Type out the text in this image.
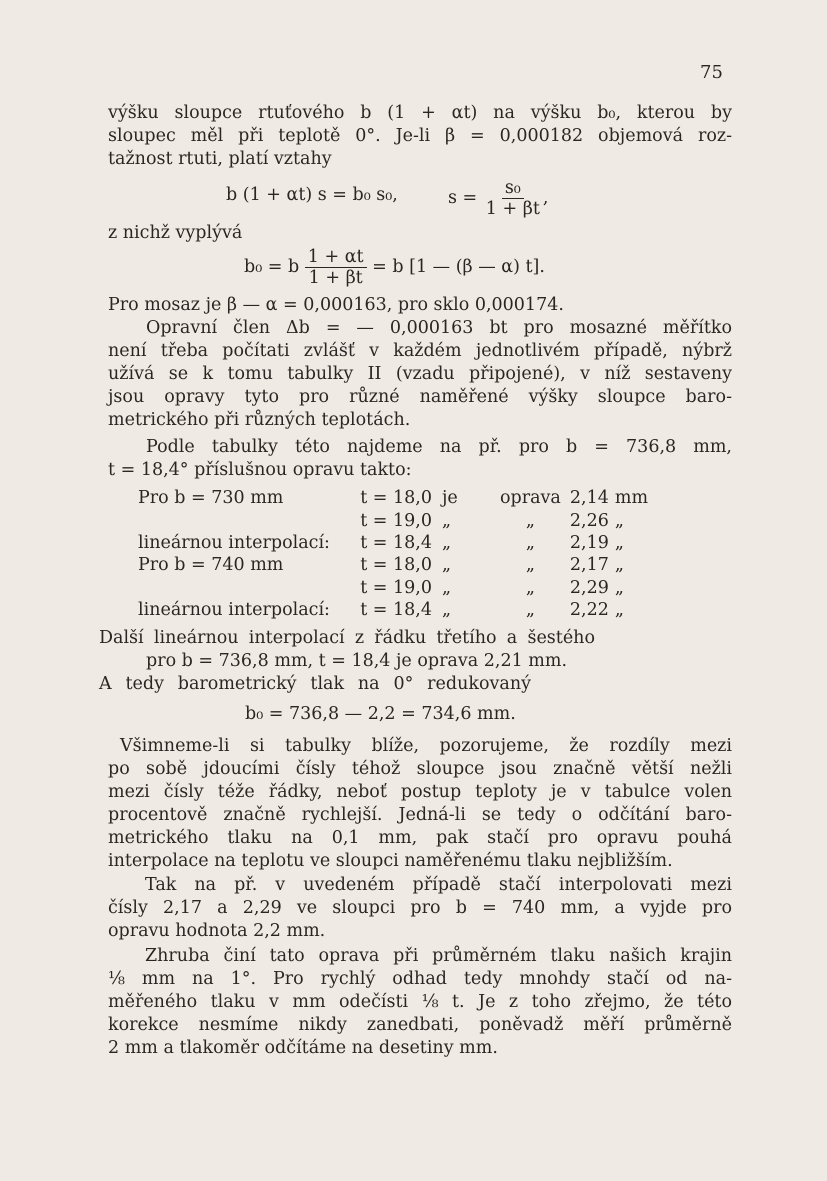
75
výšku sloupce rtuťového b (1 + αt) na výšku b₀, kterou by
sloupec měl při teplotě 0°. Je-li β = 0,000182 objemová roz-
tažnost rtuti, platí vztahy
b (1 + αt) s = b₀ s₀,	$s = \frac{\text{s₀}}{1 + \beta t}$ ,
z nichž vyplývá
b₀ = b $\frac{1 + \alpha t}{1 + \beta t} = b$ [1 — (β — α) t].
Pro mosaz je β — α = 0,000163, pro sklo 0,000174.
Opravní člen Δb = — 0,000163 bt pro mosazné měřítko
není třeba počítati zvlášť v každém jednotlivém případě, nýbrž
užívá se k tomu tabulky II (vzadu připojené), v níž sestaveny
jsou opravy tyto pro různé naměřené výšky sloupce baro-
metrického při různých teplotách.
Podle tabulky této najdeme na př. pro b = 736,8 mm,
t = 18,4° příslušnou opravu takto:
Pro b = 730 mm	t = 18,0	je	oprava	2,14	mm
	t = 19,0	„	„	2,26	„
lineárnou interpolací:	t = 18,4	„	„	2,19	„
Pro b = 740 mm	t = 18,0	„	„	2,17	„
	t = 19,0	„	„	2,29	„
lineárnou interpolací:	t = 18,4	„	„	2,22	„
Další lineárnou interpolací z řádku třetího a šestého
pro b = 736,8 mm, t = 18,4 je oprava 2,21 mm.
A tedy barometrický tlak na 0° redukovaný
b₀ = 736,8 — 2,2 = 734,6 mm.
Všimneme-li si tabulky blíže, pozorujeme, že rozdíly mezi
po sobě jdoucími čísly téhož sloupce jsou značně větší nežli
mezi čísly téže řádky, neboť postup teploty je v tabulce volen
procentově značně rychlejší. Jedná-li se tedy o odčítání baro-
metrického tlaku na 0,1 mm, pak stačí pro opravu pouhá
interpolace na teplotu ve sloupci naměřenému tlaku nejbližším.
Tak na př. v uvedeném případě stačí interpolovati mezi
čísly 2,17 a 2,29 ve sloupci pro b = 740 mm, a vyjde pro
opravu hodnota 2,2 mm.
Zhruba činí tato oprava při průměrném tlaku našich krajin
⅛ mm na 1°. Pro rychlý odhad tedy mnohdy stačí od na-
měřeného tlaku v mm odečísti ⅛ t. Je z toho zřejmo, že této
korekce nesmíme nikdy zanedbati, poněvadž měří průměrně
2 mm a tlakoměr odčítáme na desetiny mm.
